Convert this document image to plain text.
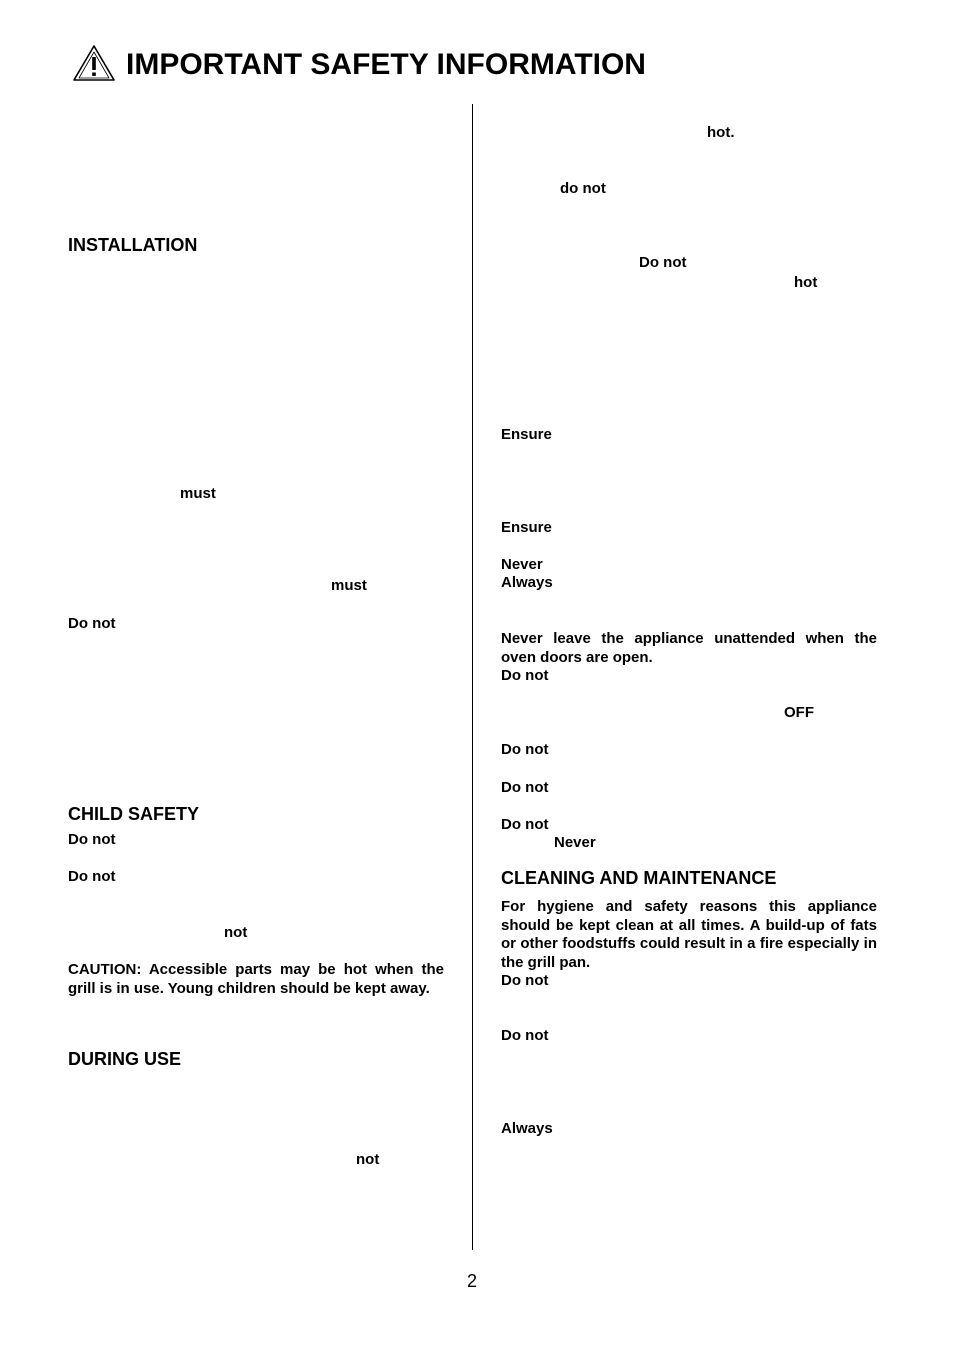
IMPORTANT SAFETY INFORMATION
INSTALLATION
must
must
Do not
CHILD SAFETY
Do not
Do not
not
CAUTION: Accessible parts may be hot when the grill is in use. Young children should be kept away.
DURING USE
not
hot.
do not
Do not
hot
Ensure
Ensure
Never
Always
Never leave the appliance unattended when the oven doors are open.
Do not
OFF
Do not
Do not
Do not
Never
CLEANING AND MAINTENANCE
For hygiene and safety reasons this appliance should be kept clean at all times. A build-up of fats or other foodstuffs could result in a fire especially in the grill pan.
Do not
Do not
Always
2
